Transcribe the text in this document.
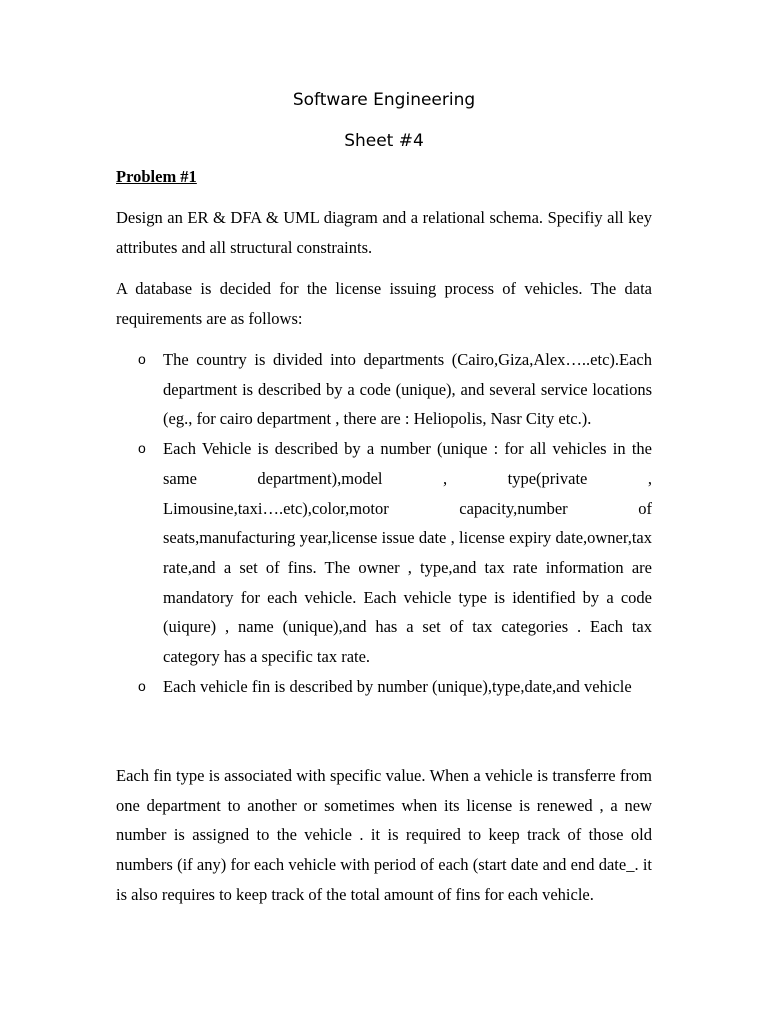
Software Engineering
Sheet #4
Problem #1

Design an ER & DFA & UML diagram and a relational schema. Specifiy all key attributes and all structural constraints.

A database is decided for the license issuing process of vehicles. The data requirements are as follows:

o The country is divided into departments (Cairo,Giza,Alex…..etc).Each department is described by a code (unique), and several service locations (eg., for cairo department , there are : Heliopolis, Nasr City etc.).
o Each Vehicle is described by a number (unique : for all vehicles in the same department),model , type(private , Limousine,taxi….etc),color,motor capacity,number of seats,manufacturing year,license issue date , license expiry date,owner,tax rate,and a set of fins. The owner , type,and tax rate information are mandatory for each vehicle. Each vehicle type is identified by a code (uiqure) , name (unique),and has a set of tax categories . Each tax category has a specific tax rate.
o Each vehicle fin is described by number (unique),type,date,and vehicle

Each fin type is associated with specific value. When a vehicle is transferre from one department to another or sometimes when its license is renewed , a new number is assigned to the vehicle . it is required to keep track of those old numbers (if any) for each vehicle with period of each (start date and end date_. it is also requires to keep track of the total amount of fins for each vehicle.
